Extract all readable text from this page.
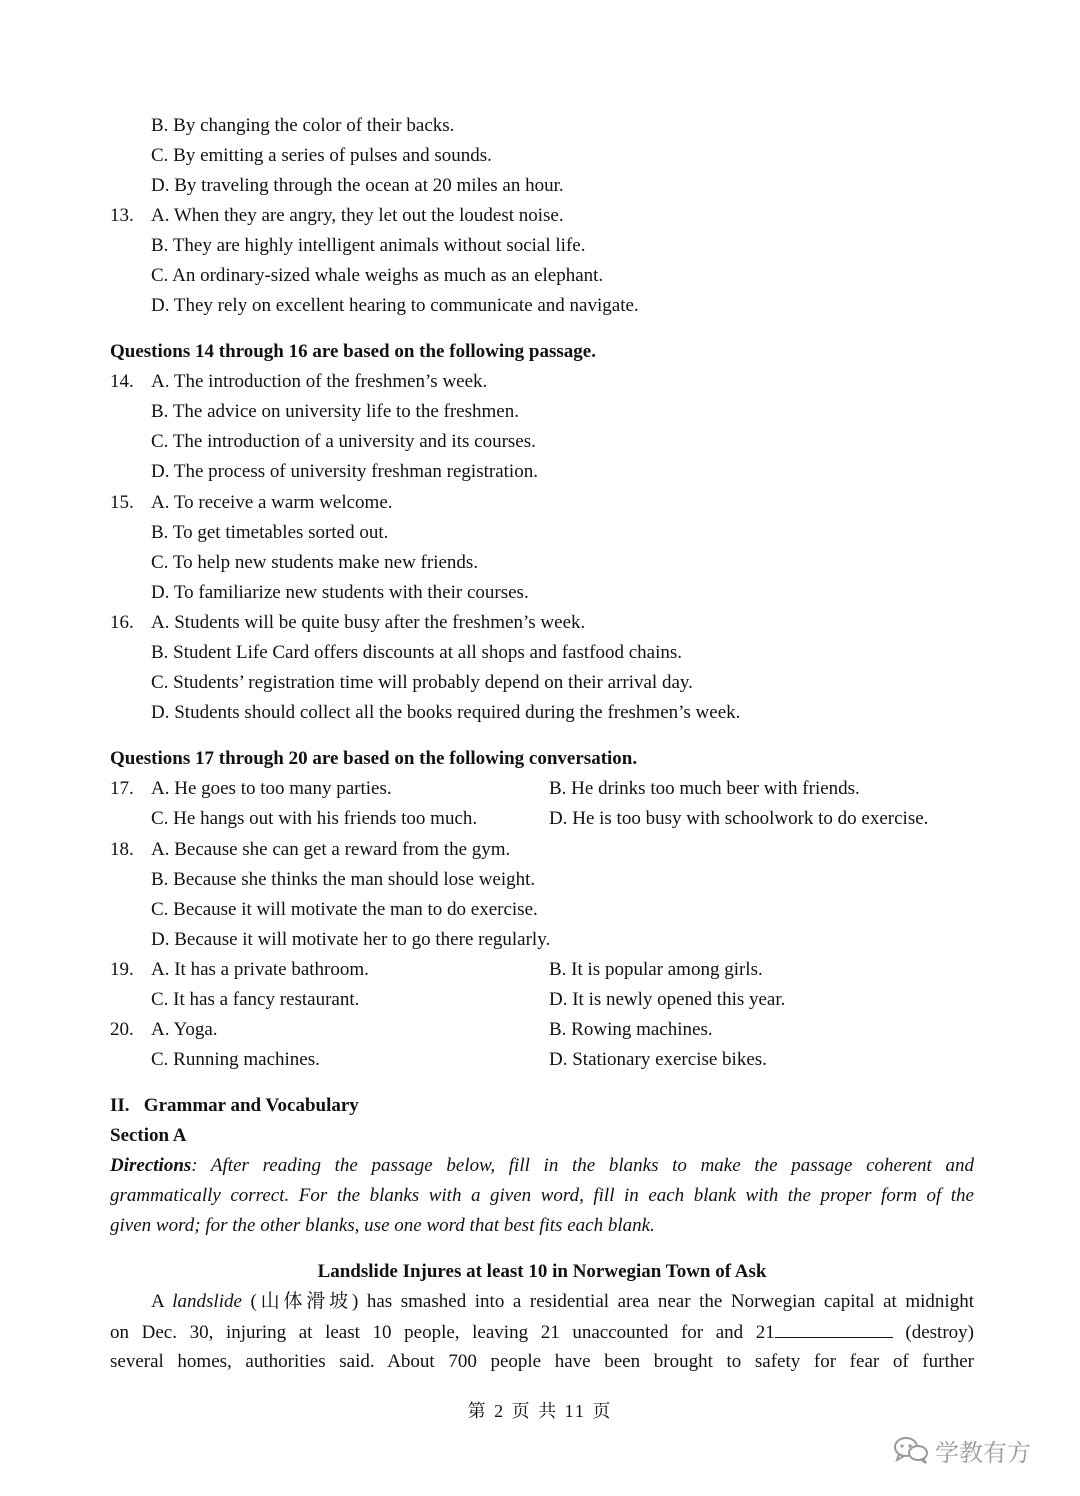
B. By changing the color of their backs.
C. By emitting a series of pulses and sounds.
D. By traveling through the ocean at 20 miles an hour.
13. A. When they are angry, they let out the loudest noise.
B. They are highly intelligent animals without social life.
C. An ordinary-sized whale weighs as much as an elephant.
D. They rely on excellent hearing to communicate and navigate.
Questions 14 through 16 are based on the following passage.
14. A. The introduction of the freshmen’s week.
B. The advice on university life to the freshmen.
C. The introduction of a university and its courses.
D. The process of university freshman registration.
15. A. To receive a warm welcome.
B. To get timetables sorted out.
C. To help new students make new friends.
D. To familiarize new students with their courses.
16. A. Students will be quite busy after the freshmen’s week.
B. Student Life Card offers discounts at all shops and fastfood chains.
C. Students’ registration time will probably depend on their arrival day.
D. Students should collect all the books required during the freshmen’s week.
Questions 17 through 20 are based on the following conversation.
17. A. He goes to too many parties.	B. He drinks too much beer with friends.
C. He hangs out with his friends too much.	D. He is too busy with schoolwork to do exercise.
18. A. Because she can get a reward from the gym.
B. Because she thinks the man should lose weight.
C. Because it will motivate the man to do exercise.
D. Because it will motivate her to go there regularly.
19. A. It has a private bathroom.	B. It is popular among girls.
C. It has a fancy restaurant.	D. It is newly opened this year.
20. A. Yoga.	B. Rowing machines.
C. Running machines.	D. Stationary exercise bikes.
II.   Grammar and Vocabulary
Section A
Directions: After reading the passage below, fill in the blanks to make the passage coherent and
grammatically correct. For the blanks with a given word, fill in each blank with the proper form of the
given word; for the other blanks, use one word that best fits each blank.
Landslide Injures at least 10 in Norwegian Town of Ask
A landslide (山体滑坡) has smashed into a residential area near the Norwegian capital at midnight
on Dec. 30, injuring at least 10 people, leaving 21 unaccounted for and 21	(destroy)
several homes, authorities said. About 700 people have been brought to safety for fear of further
第 2 页 共 11 页
学教有方
